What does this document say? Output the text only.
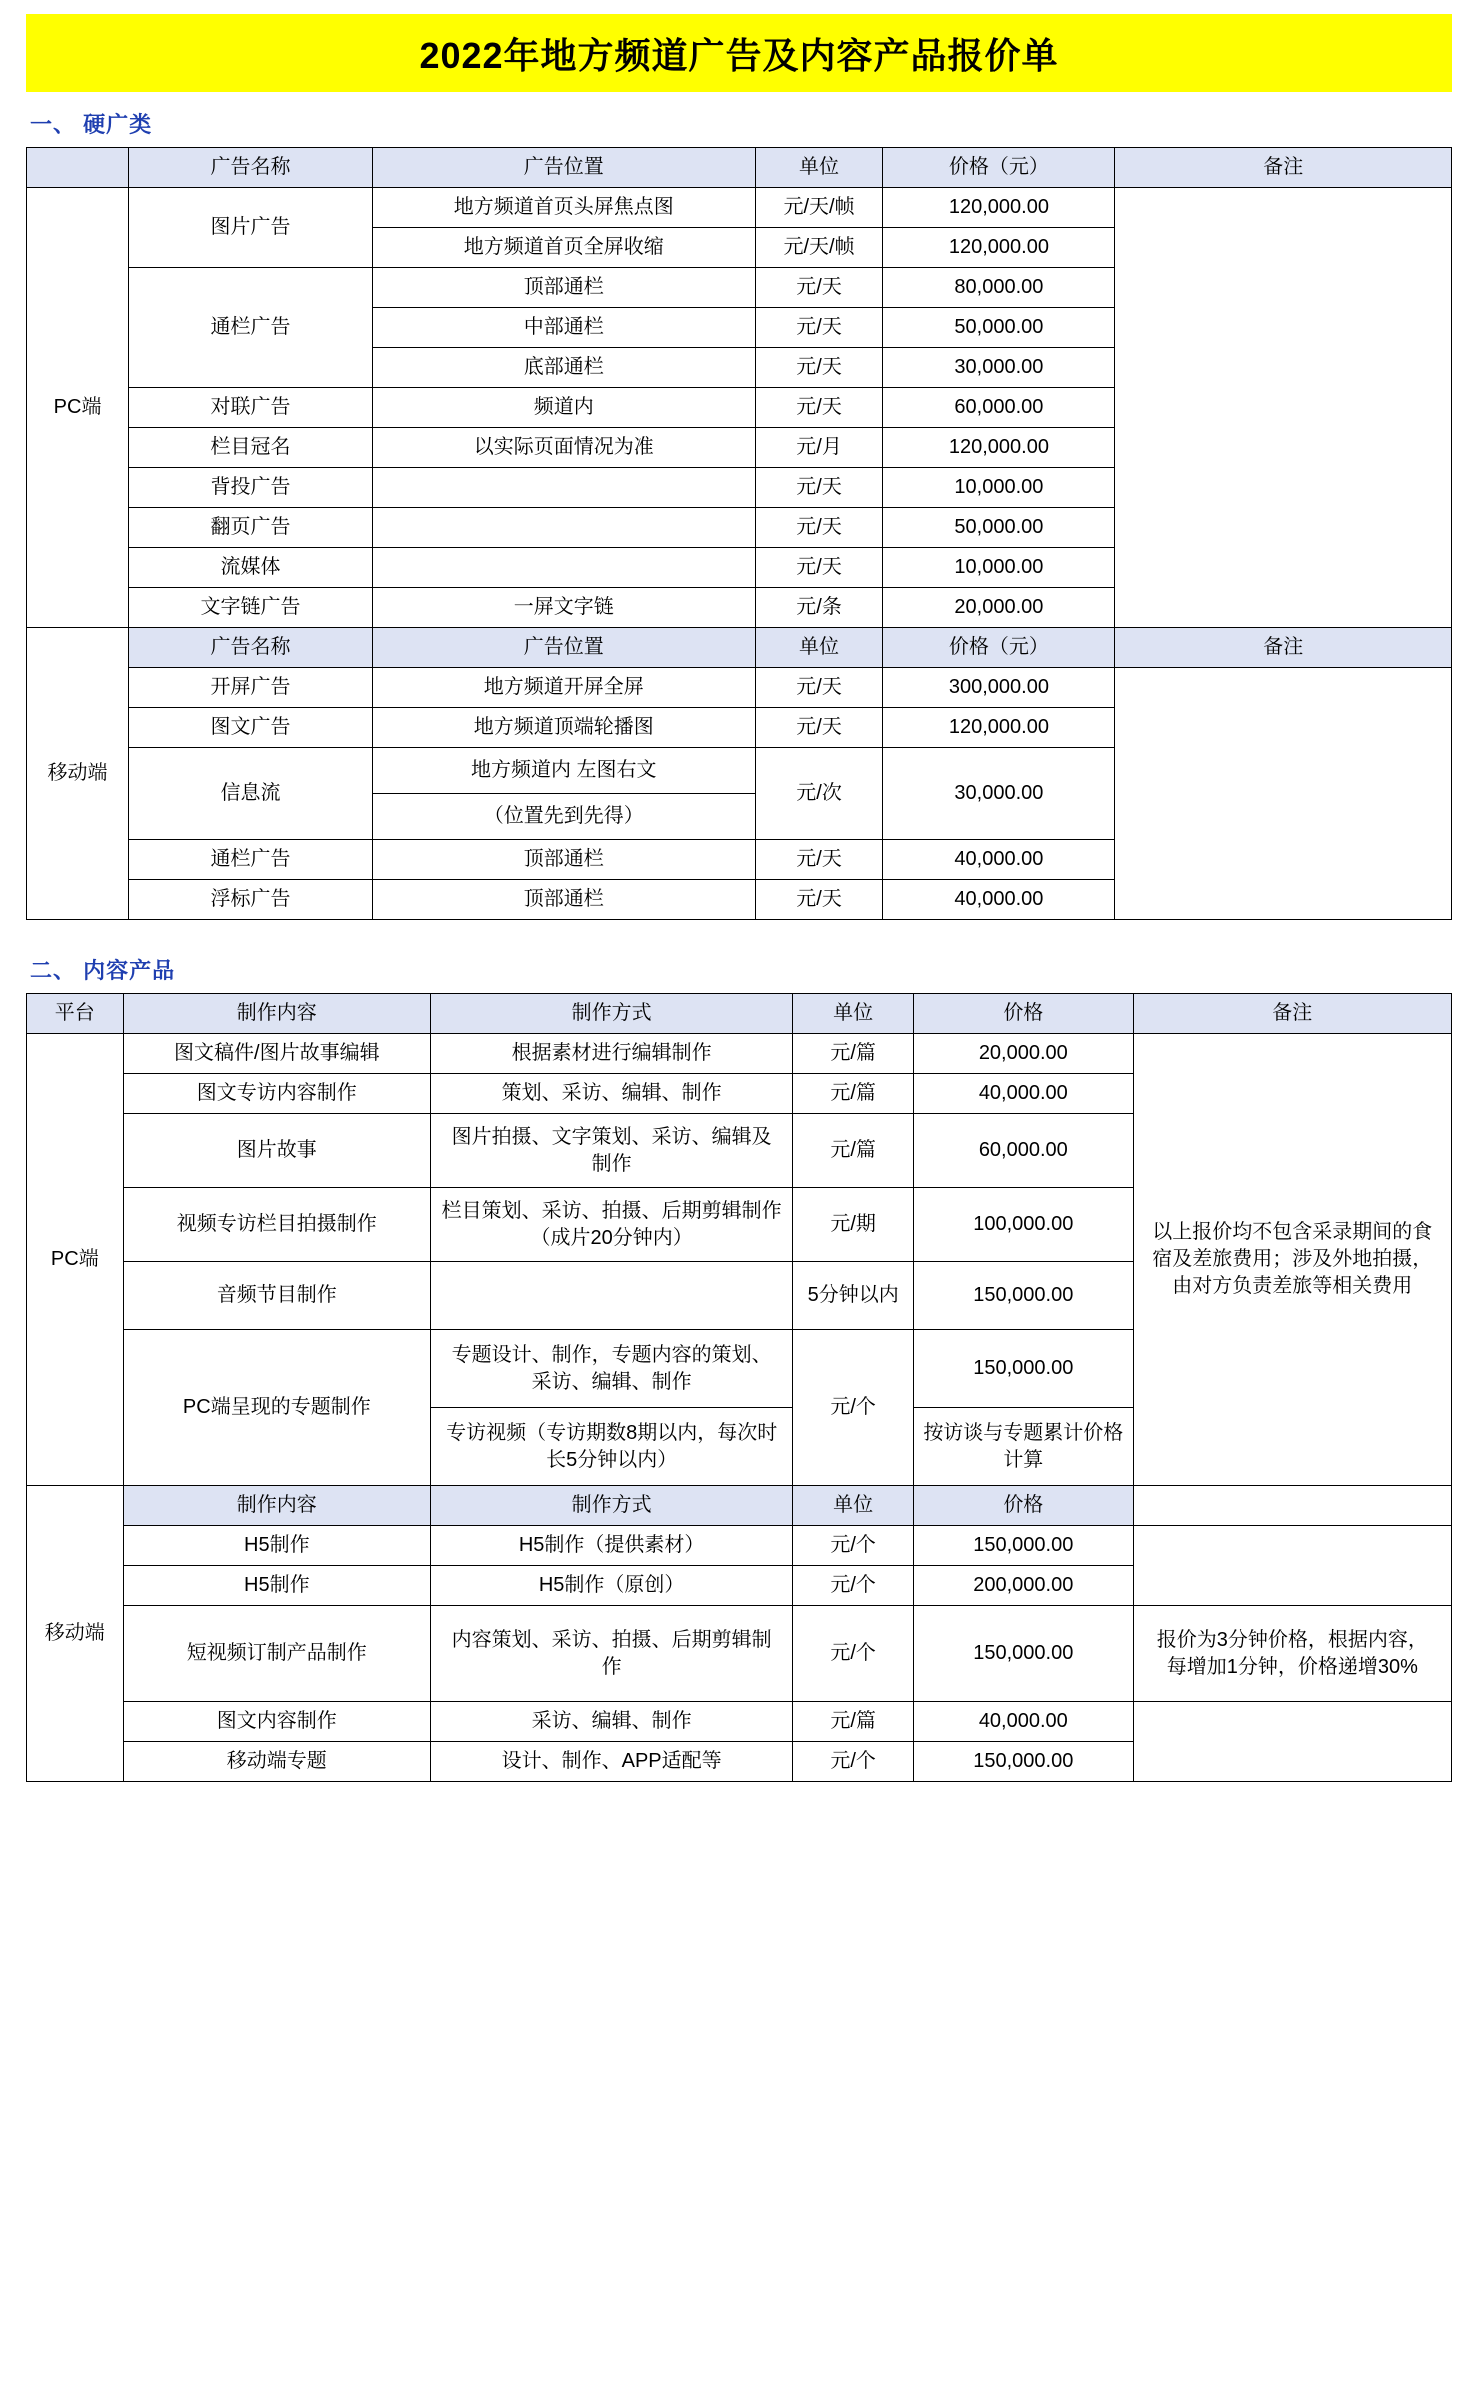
2022年地方频道广告及内容产品报价单
一、 硬广类
	广告名称	广告位置	单位	价格（元）	备注
PC端	图片广告	地方频道首页头屏焦点图	元/天/帧	120,000.00	
		地方频道首页全屏收缩	元/天/帧	120,000.00	
	通栏广告	顶部通栏	元/天	80,000.00	
		中部通栏	元/天	50,000.00	
		底部通栏	元/天	30,000.00	
	对联广告	频道内	元/天	60,000.00	
	栏目冠名	以实际页面情况为准	元/月	120,000.00	
	背投广告		元/天	10,000.00	
	翻页广告		元/天	50,000.00	
	流媒体		元/天	10,000.00	
	文字链广告	一屏文字链	元/条	20,000.00	
移动端	广告名称	广告位置	单位	价格（元）	备注
	开屏广告	地方频道开屏全屏	元/天	300,000.00	
	图文广告	地方频道顶端轮播图	元/天	120,000.00	
	信息流	地方频道内 左图右文	元/次	30,000.00	
		（位置先到先得）			
	通栏广告	顶部通栏	元/天	40,000.00	
	浮标广告	顶部通栏	元/天	40,000.00	
二、 内容产品
平台	制作内容	制作方式	单位	价格	备注
PC端	图文稿件/图片故事编辑	根据素材进行编辑制作	元/篇	20,000.00	以上报价均不包含采录期间的食宿及差旅费用；涉及外地拍摄，由对方负责差旅等相关费用
	图文专访内容制作	策划、采访、编辑、制作	元/篇	40,000.00	
	图片故事	图片拍摄、文字策划、采访、编辑及制作	元/篇	60,000.00	
	视频专访栏目拍摄制作	栏目策划、采访、拍摄、后期剪辑制作（成片20分钟内）	元/期	100,000.00	
	音频节目制作		5分钟以内	150,000.00	
	PC端呈现的专题制作	专题设计、制作，专题内容的策划、采访、编辑、制作	元/个	150,000.00	
		专访视频（专访期数8期以内，每次时长5分钟以内）		按访谈与专题累计价格计算	
移动端	制作内容	制作方式	单位	价格	
	H5制作	H5制作（提供素材）	元/个	150,000.00	
	H5制作	H5制作（原创）	元/个	200,000.00	
	短视频订制产品制作	内容策划、采访、拍摄、后期剪辑制作	元/个	150,000.00	报价为3分钟价格，根据内容，每增加1分钟，价格递增30%
	图文内容制作	采访、编辑、制作	元/篇	40,000.00	
	移动端专题	设计、制作、APP适配等	元/个	150,000.00	
